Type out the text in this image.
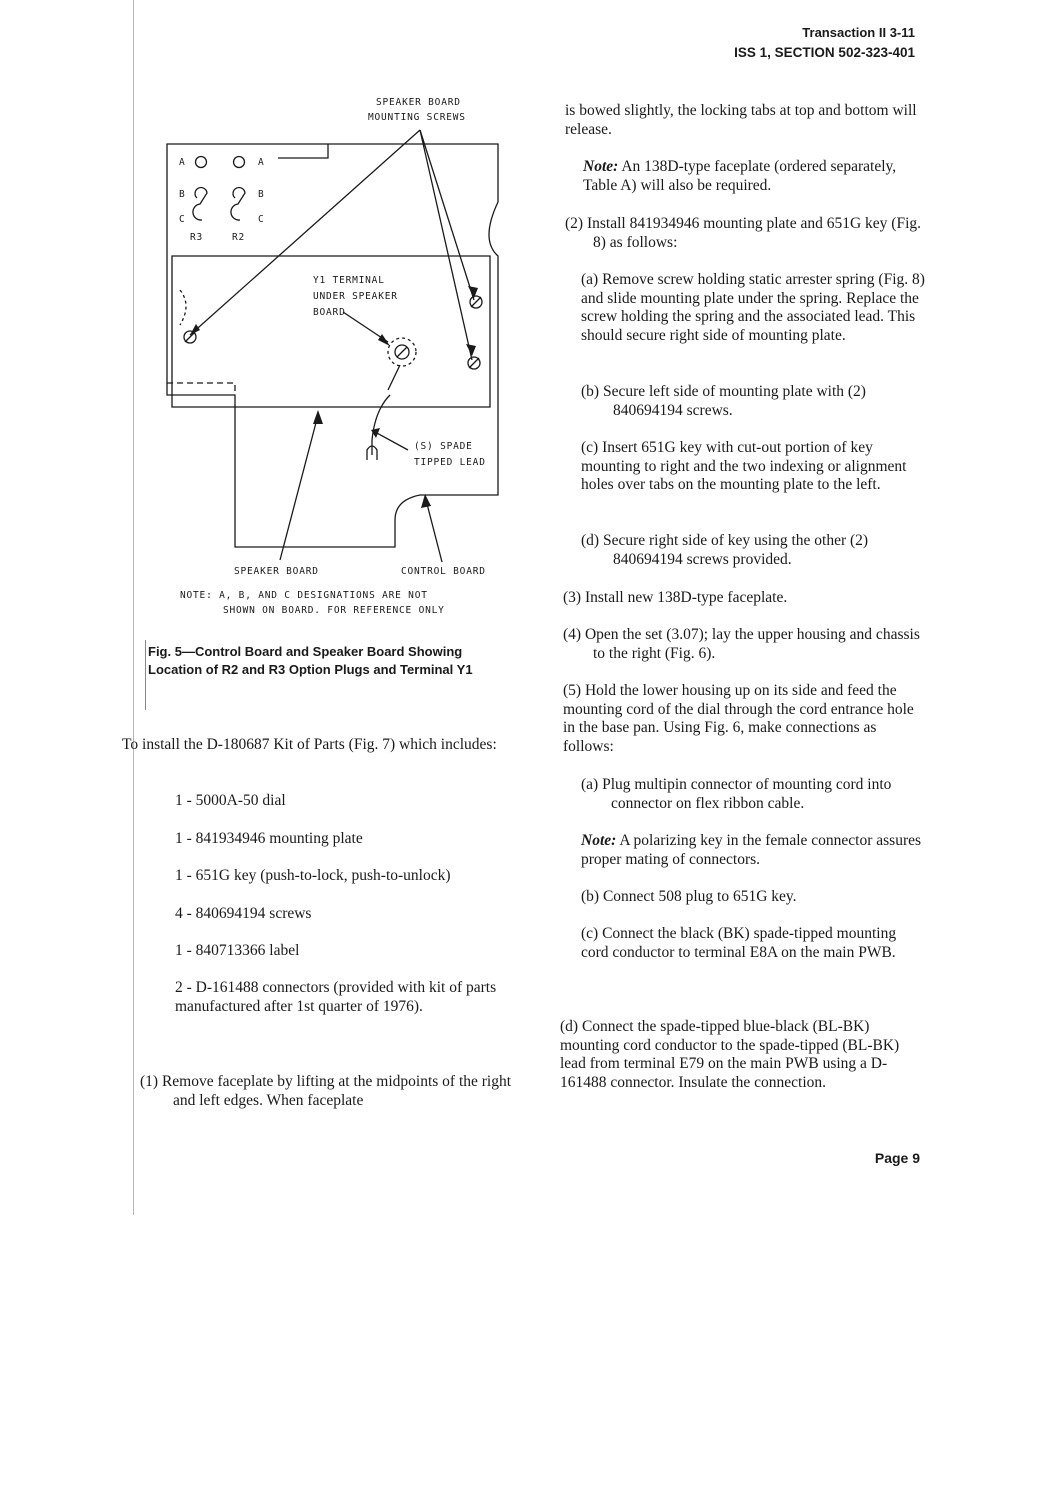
Transaction II 3-11
ISS 1, SECTION 502-323-401
SPEAKER BOARD
MOUNTING SCREWS
A	A
B	B
C	C
R3	R2
Y1 TERMINAL
UNDER SPEAKER
BOARD
(S) SPADE
TIPPED LEAD
SPEAKER BOARD	CONTROL BOARD
NOTE: A, B, AND C DESIGNATIONS ARE NOT
SHOWN ON BOARD. FOR REFERENCE ONLY
Fig. 5—Control Board and Speaker Board Showing Location of R2 and R3 Option Plugs and Terminal Y1
To install the D-180687 Kit of Parts (Fig. 7) which includes:
1 - 5000A-50 dial
1 - 841934946 mounting plate
1 - 651G key (push-to-lock, push-to-unlock)
4 - 840694194 screws
1 - 840713366 label
2 - D-161488 connectors (provided with kit of parts manufactured after 1st quarter of 1976).
(1) Remove faceplate by lifting at the midpoints of the right and left edges. When faceplate
is bowed slightly, the locking tabs at top and bottom will release.
Note: An 138D-type faceplate (ordered separately, Table A) will also be required.
(2) Install 841934946 mounting plate and 651G key (Fig. 8) as follows:
(a) Remove screw holding static arrester spring (Fig. 8) and slide mounting plate under the spring. Replace the screw holding the spring and the associated lead. This should secure right side of mounting plate.
(b) Secure left side of mounting plate with (2) 840694194 screws.
(c) Insert 651G key with cut-out portion of key mounting to right and the two indexing or alignment holes over tabs on the mounting plate to the left.
(d) Secure right side of key using the other (2) 840694194 screws provided.
(3) Install new 138D-type faceplate.
(4) Open the set (3.07); lay the upper housing and chassis to the right (Fig. 6).
(5) Hold the lower housing up on its side and feed the mounting cord of the dial through the cord entrance hole in the base pan. Using Fig. 6, make connections as follows:
(a) Plug multipin connector of mounting cord into connector on flex ribbon cable.
Note: A polarizing key in the female connector assures proper mating of connectors.
(b) Connect 508 plug to 651G key.
(c) Connect the black (BK) spade-tipped mounting cord conductor to terminal E8A on the main PWB.
(d) Connect the spade-tipped blue-black (BL-BK) mounting cord conductor to the spade-tipped (BL-BK) lead from terminal E79 on the main PWB using a D-161488 connector. Insulate the connection.
Page 9
